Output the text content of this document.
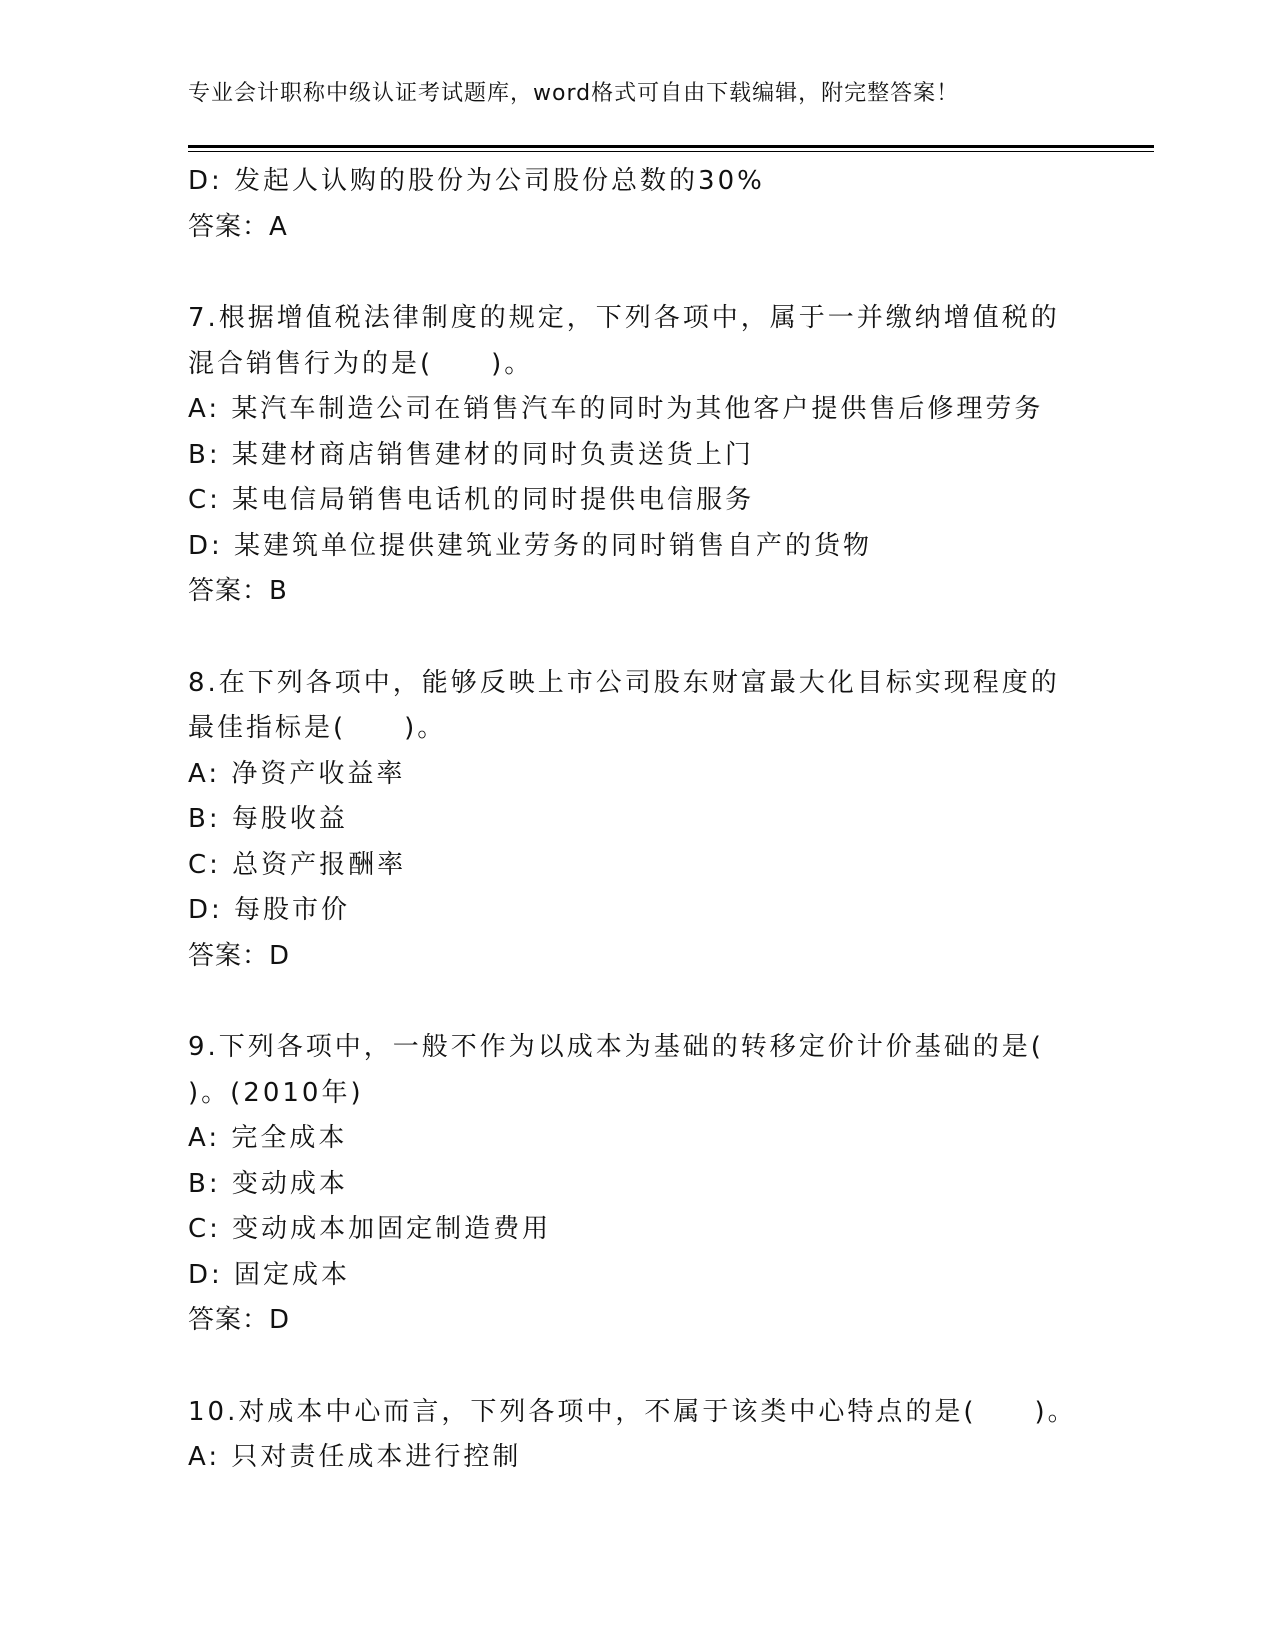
专业会计职称中级认证考试题库，word格式可自由下载编辑，附完整答案！
D: 发起人认购的股份为公司股份总数的30%
答案：A
7.根据增值税法律制度的规定，下列各项中，属于一并缴纳增值税的
混合销售行为的是(　　)。
A: 某汽车制造公司在销售汽车的同时为其他客户提供售后修理劳务
B: 某建材商店销售建材的同时负责送货上门
C: 某电信局销售电话机的同时提供电信服务
D: 某建筑单位提供建筑业劳务的同时销售自产的货物
答案：B
8.在下列各项中，能够反映上市公司股东财富最大化目标实现程度的
最佳指标是(　　)。
A: 净资产收益率
B: 每股收益
C: 总资产报酬率
D: 每股市价
答案：D
9.下列各项中，一般不作为以成本为基础的转移定价计价基础的是(
)。(2010年)
A: 完全成本
B: 变动成本
C: 变动成本加固定制造费用
D: 固定成本
答案：D
10.对成本中心而言，下列各项中，不属于该类中心特点的是(　　)。
A: 只对责任成本进行控制
